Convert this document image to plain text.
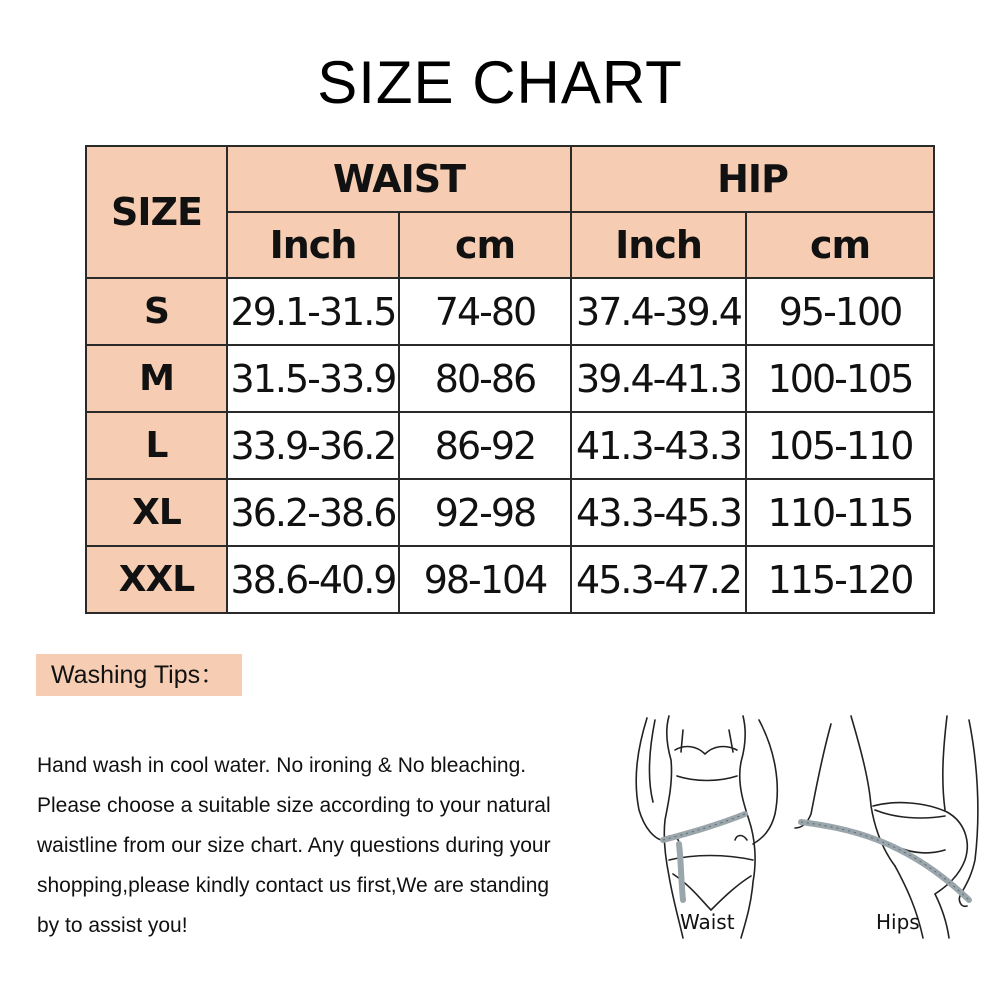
SIZE CHART
SIZE	WAIST		HIP	
	Inch	cm	Inch	cm
S	29.1-31.5	74-80	37.4-39.4	95-100
M	31.5-33.9	80-86	39.4-41.3	100-105
L	33.9-36.2	86-92	41.3-43.3	105-110
XL	36.2-38.6	92-98	43.3-45.3	110-115
XXL	38.6-40.9	98-104	45.3-47.2	115-120
Washing Tips：
Hand wash in cool water. No ironing & No bleaching.
Please choose a suitable size according to your natural
waistline from our size chart. Any questions during your
shopping,please kindly contact us first,We are standing
by to assist you!	Waist	Hips
